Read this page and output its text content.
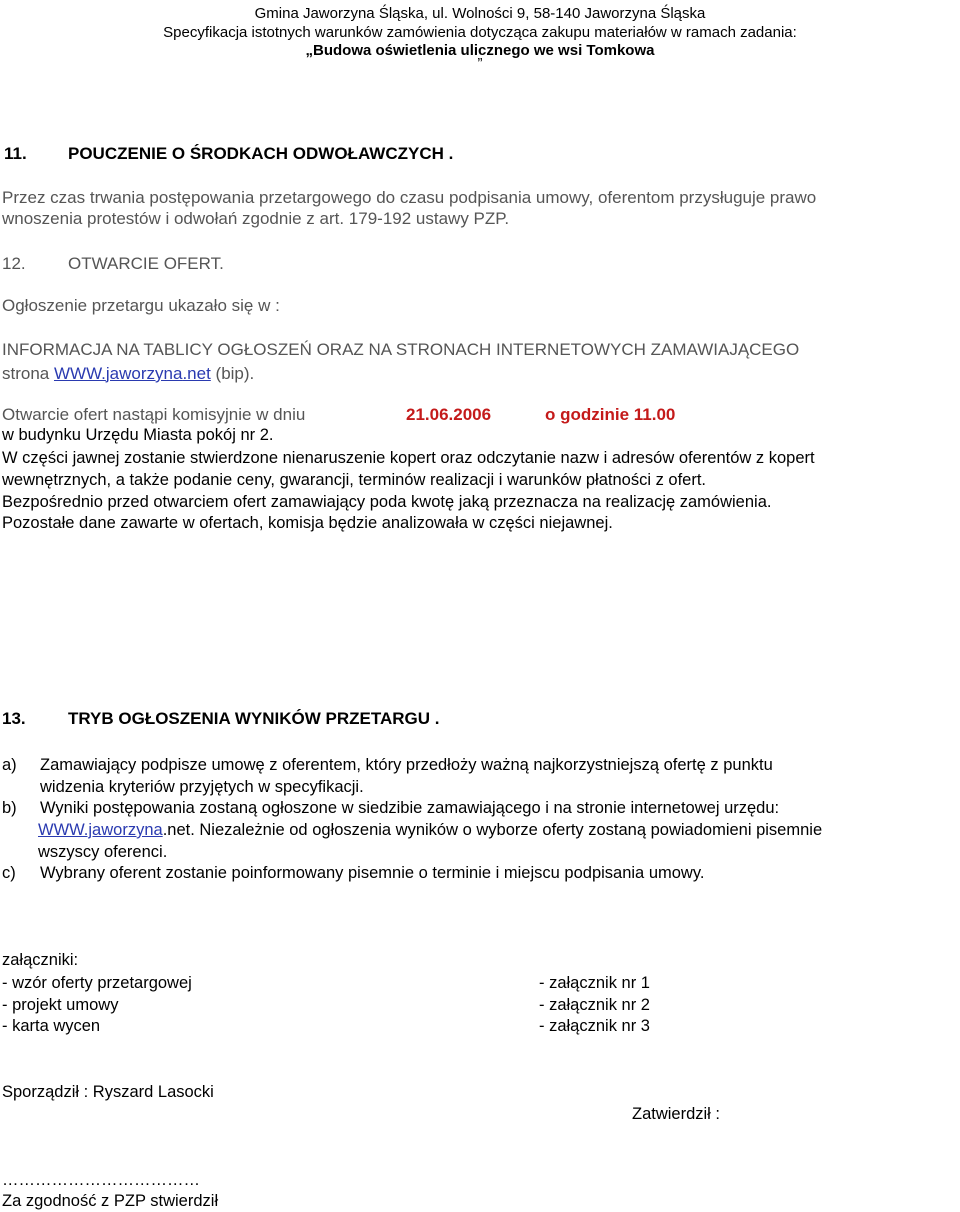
Gmina Jaworzyna Śląska, ul. Wolności 9, 58-140 Jaworzyna Śląska
Specyfikacja istotnych warunków zamówienia dotycząca zakupu materiałów w ramach zadania:
„Budowa oświetlenia ulicznego we wsi Tomkowa
”
11. POUCZENIE O ŚRODKACH ODWOŁAWCZYCH .
Przez czas trwania postępowania przetargowego do czasu podpisania umowy, oferentom przysługuje prawo
wnoszenia protestów i odwołań zgodnie z art. 179-192 ustawy PZP.
12. OTWARCIE OFERT.
Ogłoszenie przetargu ukazało się w :
INFORMACJA NA TABLICY OGŁOSZEŃ ORAZ NA STRONACH INTERNETOWYCH ZAMAWIAJĄCEGO
strona WWW.jaworzyna.net (bip).
Otwarcie ofert nastąpi komisyjnie w dniu	21.06.2006	o godzinie 11.00
w budynku Urzędu Miasta pokój nr 2.
W części jawnej zostanie stwierdzone nienaruszenie kopert oraz odczytanie nazw i adresów oferentów z kopert
wewnętrznych, a także podanie ceny, gwarancji, terminów realizacji i warunków płatności z ofert.
Bezpośrednio przed otwarciem ofert zamawiający poda kwotę jaką przeznacza na realizację zamówienia.
Pozostałe dane zawarte w ofertach, komisja będzie analizowała w części niejawnej.
13. TRYB OGŁOSZENIA WYNIKÓW PRZETARGU .
a) Zamawiający podpisze umowę z oferentem, który przedłoży ważną najkorzystniejszą ofertę z punktu
widzenia kryteriów przyjętych w specyfikacji.
b) Wyniki postępowania zostaną ogłoszone w siedzibie zamawiającego i na stronie internetowej urzędu:
WWW.jaworzyna.net. Niezależnie od ogłoszenia wyników o wyborze oferty zostaną powiadomieni pisemnie
wszyscy oferenci.
c) Wybrany oferent zostanie poinformowany pisemnie o terminie i miejscu podpisania umowy.
załączniki:
- wzór oferty przetargowej	- załącznik nr 1
- projekt umowy	- załącznik nr 2
- karta wycen	- załącznik nr 3
Sporządził : Ryszard Lasocki
Zatwierdził :
………………………………
Za zgodność z PZP stwierdził
